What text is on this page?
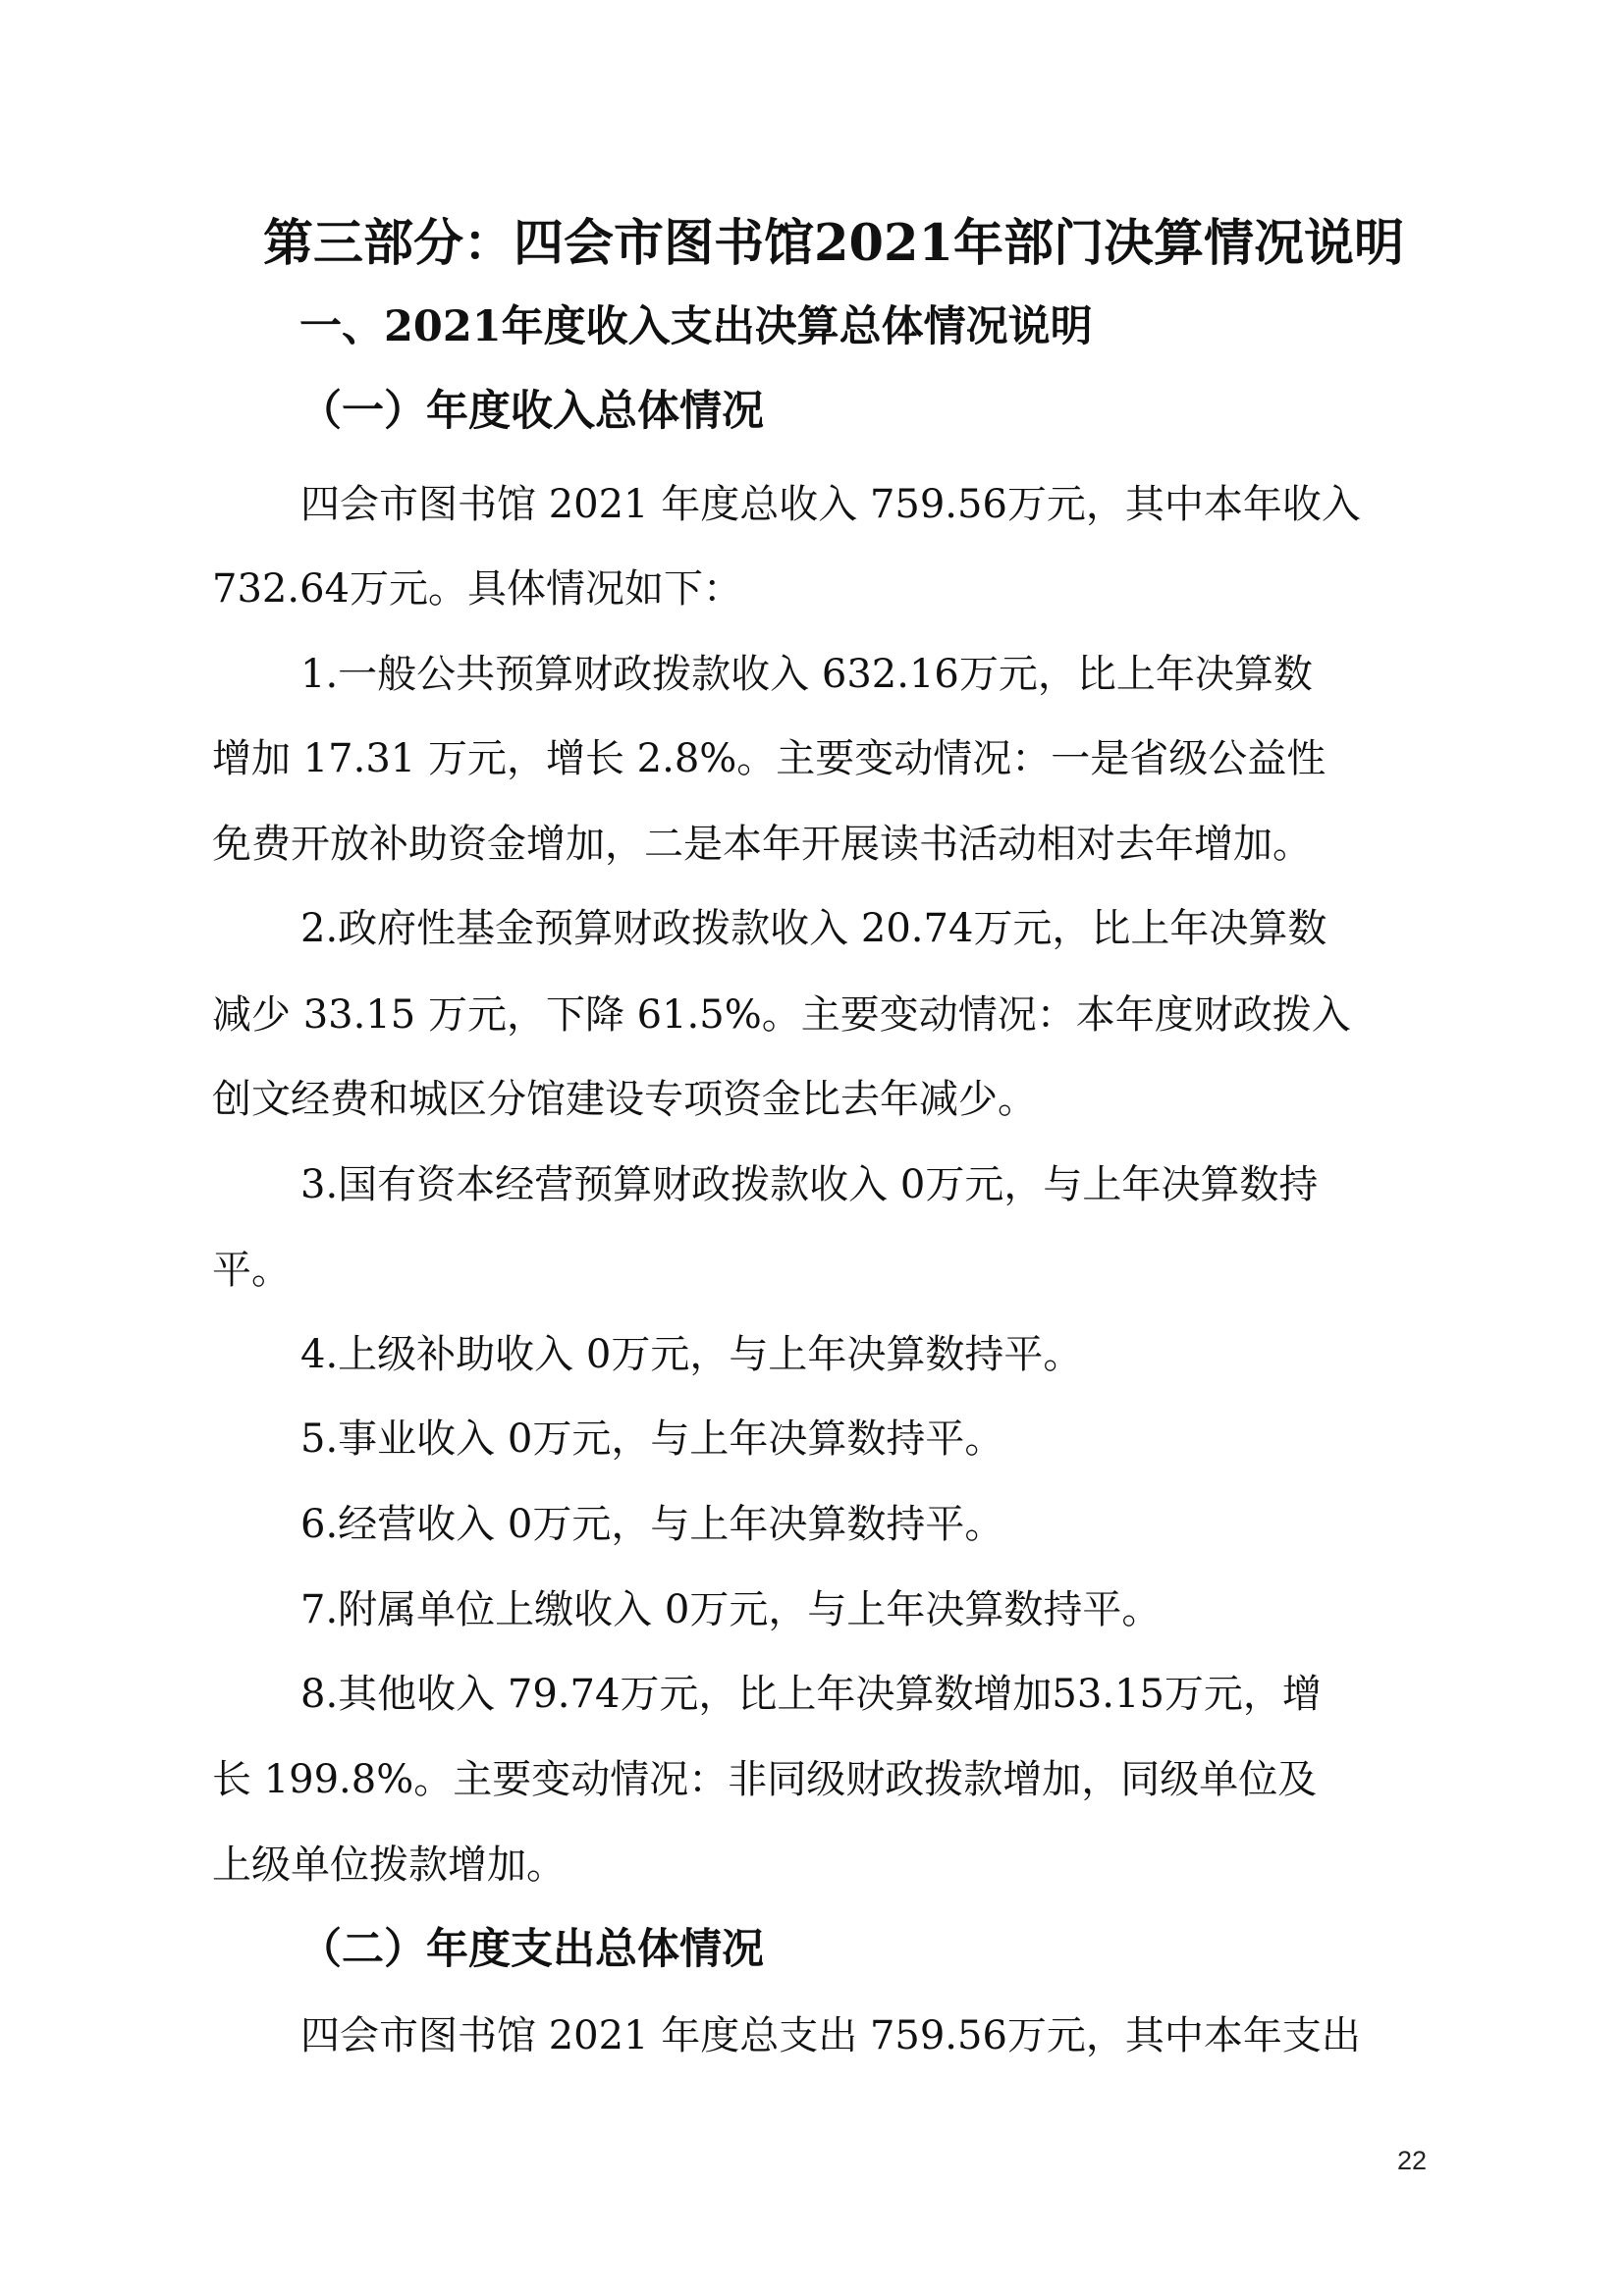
第三部分：四会市图书馆2021年部门决算情况说明
一、2021年度收入支出决算总体情况说明
（一）年度收入总体情况
四会市图书馆 2021 年度总收入 759.56万元，其中本年收入
732.64万元。具体情况如下：
1.一般公共预算财政拨款收入 632.16万元，比上年决算数
增加 17.31 万元，增长 2.8%。主要变动情况：一是省级公益性
免费开放补助资金增加，二是本年开展读书活动相对去年增加。
2.政府性基金预算财政拨款收入 20.74万元，比上年决算数
减少 33.15 万元，下降 61.5%。主要变动情况：本年度财政拨入
创文经费和城区分馆建设专项资金比去年减少。
3.国有资本经营预算财政拨款收入 0万元，与上年决算数持
平。
4.上级补助收入 0万元，与上年决算数持平。
5.事业收入 0万元，与上年决算数持平。
6.经营收入 0万元，与上年决算数持平。
7.附属单位上缴收入 0万元，与上年决算数持平。
8.其他收入 79.74万元，比上年决算数增加53.15万元，增
长 199.8%。主要变动情况：非同级财政拨款增加，同级单位及
上级单位拨款增加。
（二）年度支出总体情况
四会市图书馆 2021 年度总支出 759.56万元，其中本年支出
22
